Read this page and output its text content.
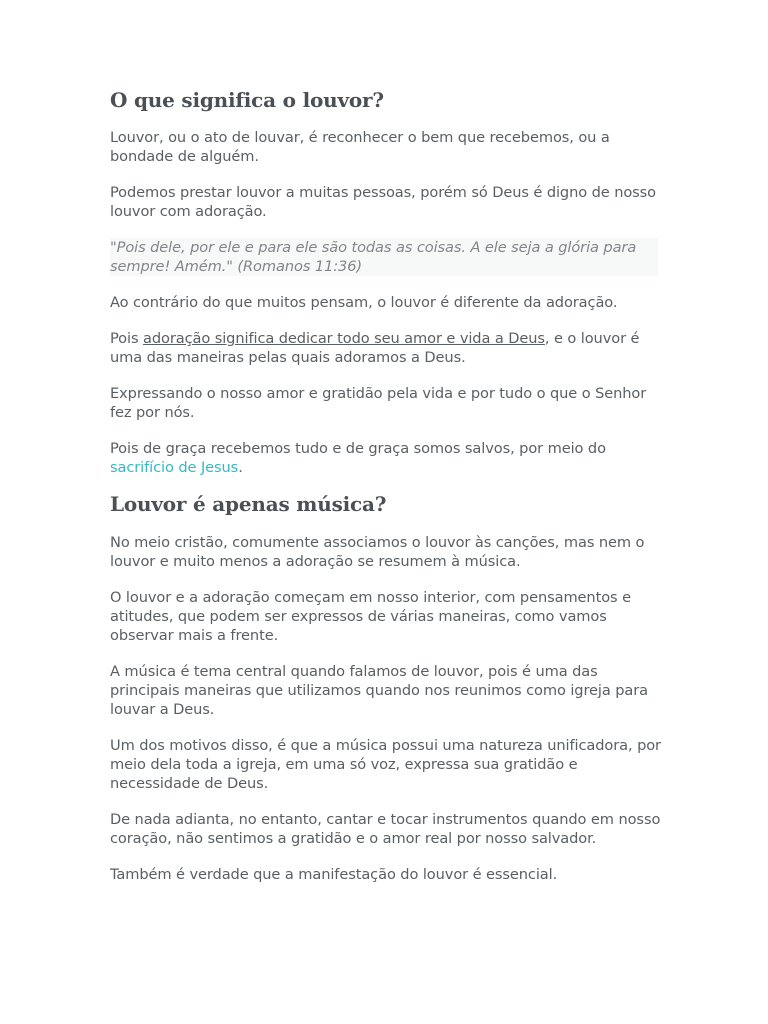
O que significa o louvor?

Louvor, ou o ato de louvar, é reconhecer o bem que recebemos, ou a bondade de alguém.

Podemos prestar louvor a muitas pessoas, porém só Deus é digno de nosso louvor com adoração.

"Pois dele, por ele e para ele são todas as coisas. A ele seja a glória para sempre! Amém." (Romanos 11:36)

Ao contrário do que muitos pensam, o louvor é diferente da adoração.

Pois adoração significa dedicar todo seu amor e vida a Deus, e o louvor é uma das maneiras pelas quais adoramos a Deus.

Expressando o nosso amor e gratidão pela vida e por tudo o que o Senhor fez por nós.

Pois de graça recebemos tudo e de graça somos salvos, por meio do sacrifício de Jesus.

Louvor é apenas música?

No meio cristão, comumente associamos o louvor às canções, mas nem o louvor e muito menos a adoração se resumem à música.

O louvor e a adoração começam em nosso interior, com pensamentos e atitudes, que podem ser expressos de várias maneiras, como vamos observar mais a frente.

A música é tema central quando falamos de louvor, pois é uma das principais maneiras que utilizamos quando nos reunimos como igreja para louvar a Deus.

Um dos motivos disso, é que a música possui uma natureza unificadora, por meio dela toda a igreja, em uma só voz, expressa sua gratidão e necessidade de Deus.

De nada adianta, no entanto, cantar e tocar instrumentos quando em nosso coração, não sentimos a gratidão e o amor real por nosso salvador.

Também é verdade que a manifestação do louvor é essencial.
